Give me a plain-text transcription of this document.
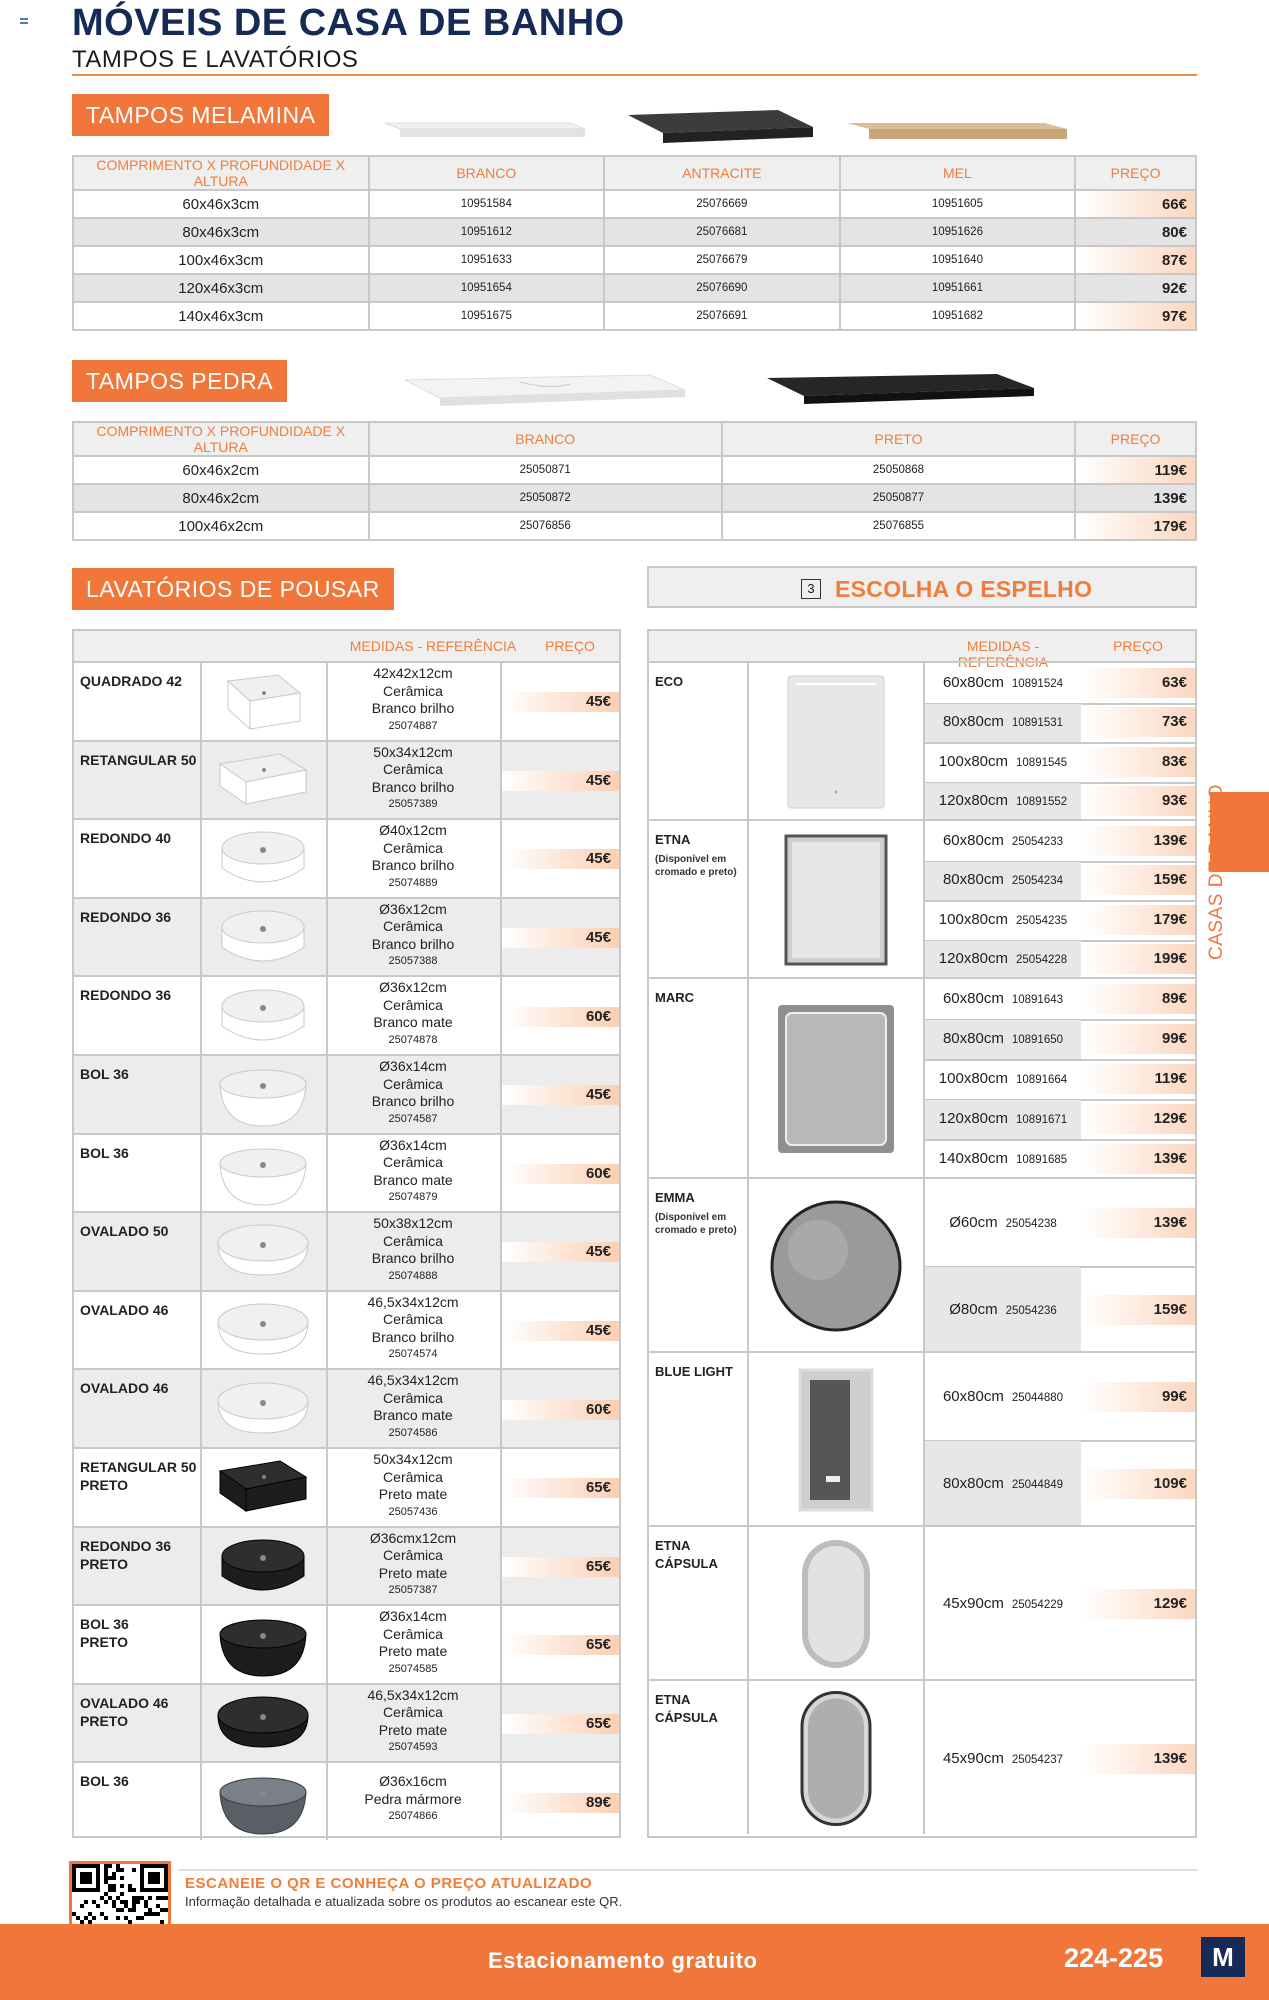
MÓVEIS DE CASA DE BANHO
TAMPOS E LAVATÓRIOS
TAMPOS MELAMINA
COMPRIMENTO X PROFUNDIDADE X ALTURA	BRANCO	ANTRACITE	MEL	PREÇO
60x46x3cm	10951584	25076669	10951605	66€
80x46x3cm	10951612	25076681	10951626	80€
100x46x3cm	10951633	25076679	10951640	87€
120x46x3cm	10951654	25076690	10951661	92€
140x46x3cm	10951675	25076691	10951682	97€
TAMPOS PEDRA
COMPRIMENTO X PROFUNDIDADE X ALTURA	BRANCO	PRETO	PREÇO
60x46x2cm	25050871	25050868	119€
80x46x2cm	25050872	25050877	139€
100x46x2cm	25076856	25076855	179€
LAVATÓRIOS DE POUSAR
MEDIDAS - REFERÊNCIA	PREÇO
QUADRADO 42	42x42x12cm
Cerâmica
Branco brilho
25074887
45€
RETANGULAR 50	50x34x12cm
Cerâmica
Branco brilho
25057389
45€
REDONDO 40	Ø40x12cm
Cerâmica
Branco brilho
25074889
45€
REDONDO 36	Ø36x12cm
Cerâmica
Branco brilho
25057388
45€
REDONDO 36	Ø36x12cm
Cerâmica
Branco mate
25074878
60€
BOL 36	Ø36x14cm
Cerâmica
Branco brilho
25074587
45€
BOL 36	Ø36x14cm
Cerâmica
Branco mate
25074879
60€
OVALADO 50	50x38x12cm
Cerâmica
Branco brilho
25074888
45€
OVALADO 46	46,5x34x12cm
Cerâmica
Branco brilho
25074574
45€
OVALADO 46	46,5x34x12cm
Cerâmica
Branco mate
25074586
60€
RETANGULAR 50
PRETO
50x34x12cm
Cerâmica
Preto mate
25057436
65€
REDONDO 36
PRETO
Ø36cmx12cm
Cerâmica
Preto mate
25057387
65€
BOL 36
PRETO
Ø36x14cm
Cerâmica
Preto mate
25074585
65€
OVALADO 46
PRETO
46,5x34x12cm
Cerâmica
Preto mate
25074593
65€
BOL 36	Ø36x16cm
Pedra mármore
25074866
89€
3 ESCOLHA O ESPELHO
MEDIDAS - REFERÊNCIA
PREÇO
ECO	60x80cm 10891524	63€
80x80cm 10891531	73€
100x80cm 10891545	83€
120x80cm 10891552	93€
ETNA
(Disponível em cromado e preto)
60x80cm 25054233	139€
80x80cm 25054234	159€
100x80cm 25054235	179€
120x80cm 25054228	199€
MARC	60x80cm 10891643	89€
80x80cm 10891650	99€
100x80cm 10891664	119€
120x80cm 10891671	129€
140x80cm 10891685	139€
EMMA
(Disponível em cromado e preto)	Ø60cm 25054238	139€
Ø80cm 25054236	159€
BLUE LIGHT
60x80cm 25044880	99€
80x80cm 25044849	109€
ETNA CÁPSULA
45x90cm 25054229	129€
ETNA CÁPSULA
45x90cm 25054237	139€
CASAS DE BANHO
ESCANEIE O QR E CONHEÇA O PREÇO ATUALIZADO
Informação detalhada e atualizada sobre os produtos ao escanear este QR.
Estacionamento gratuito	224-225	M
